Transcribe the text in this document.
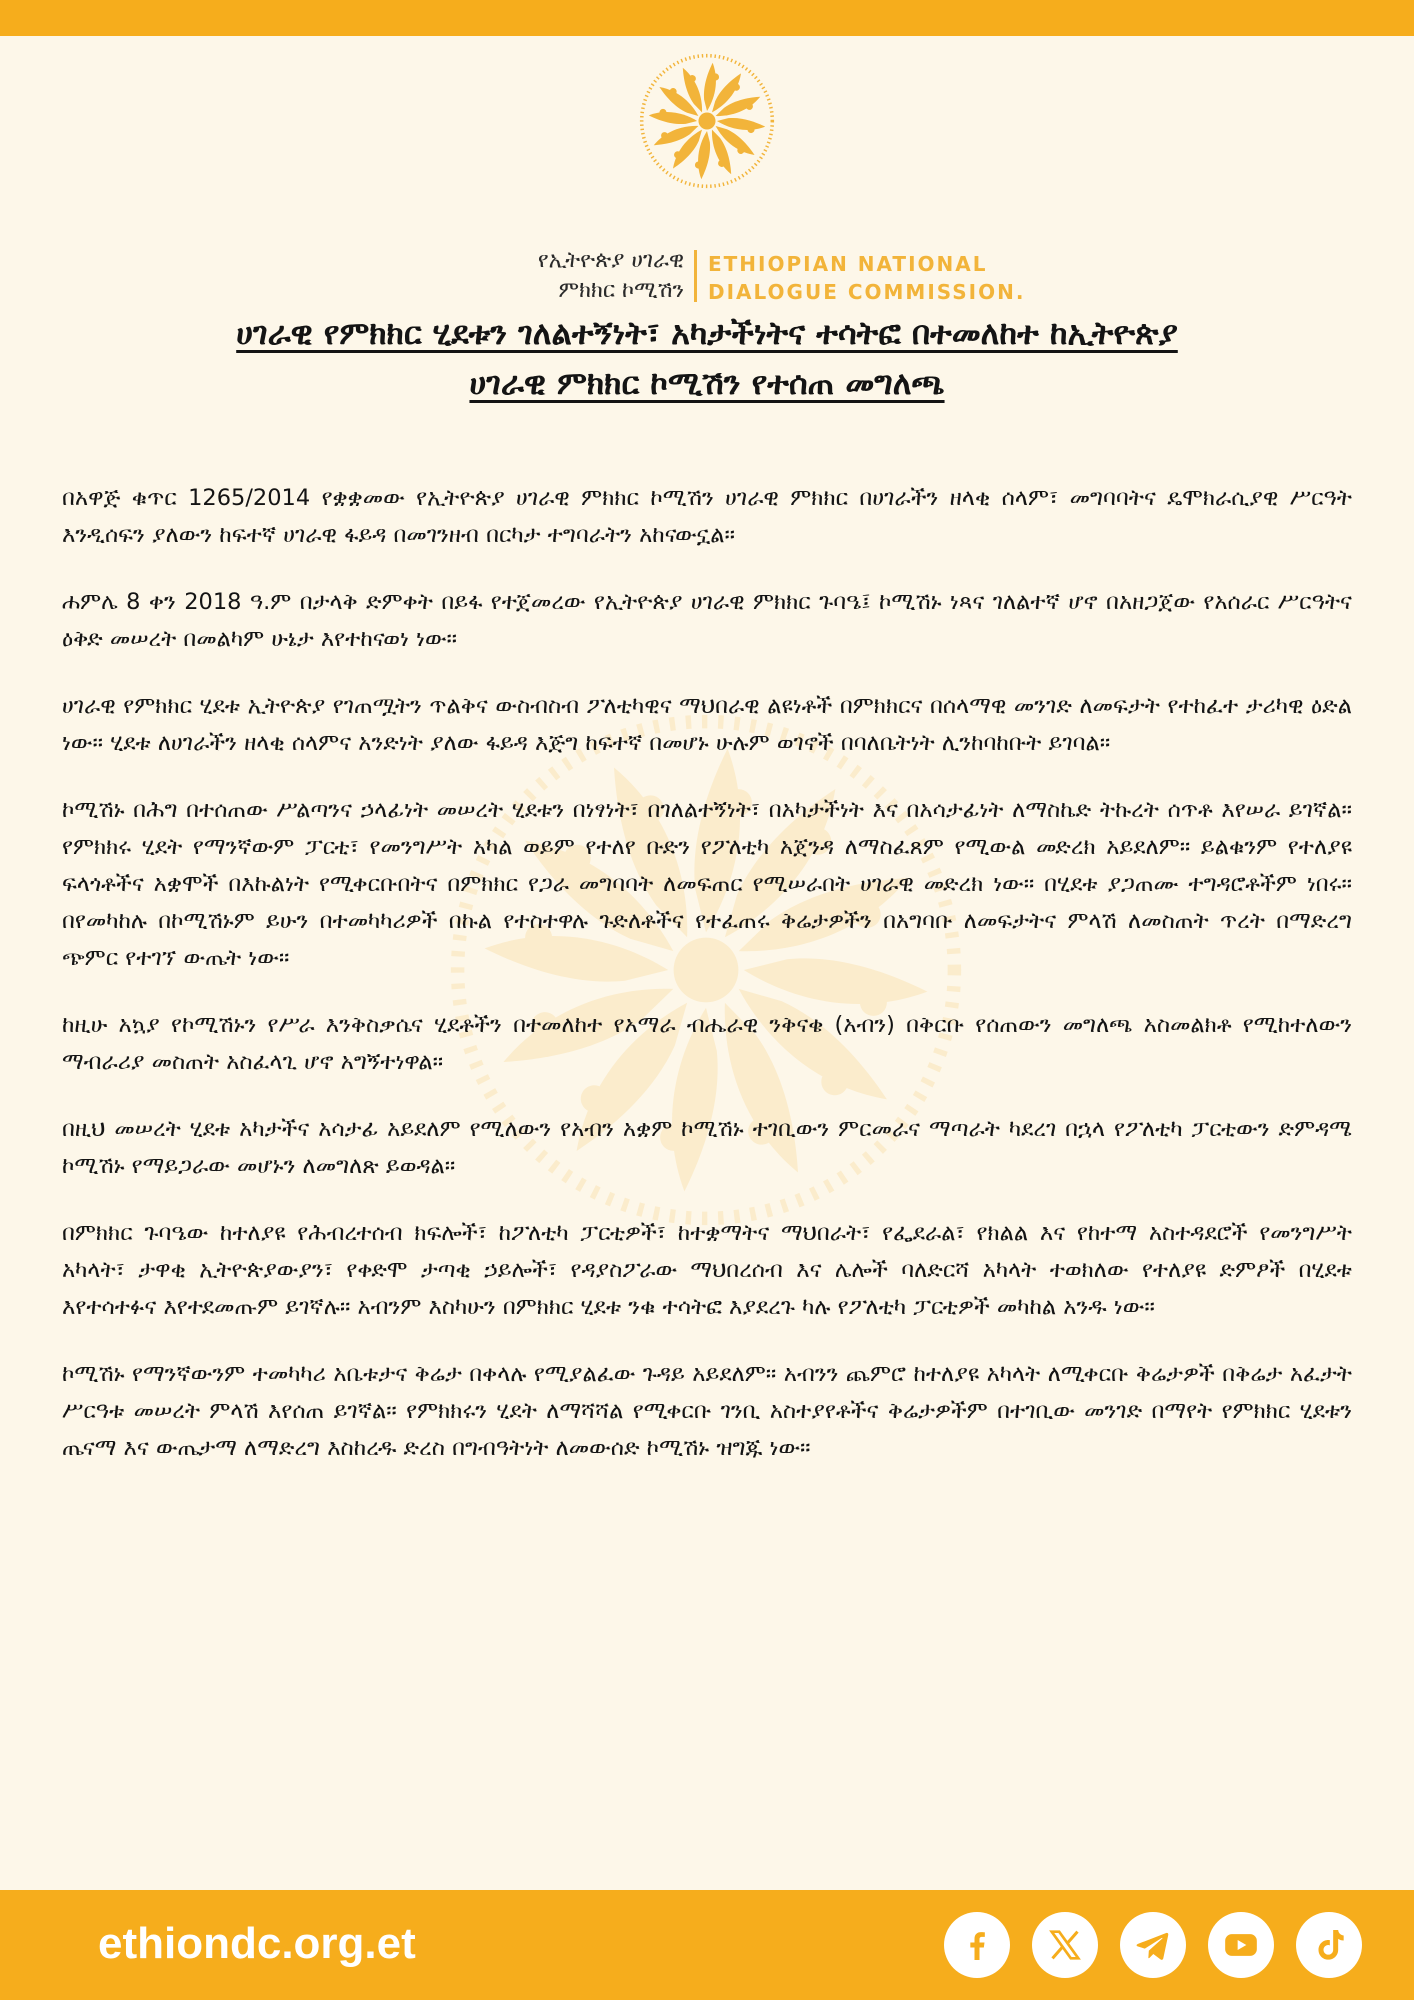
የኢትዮጵያ ሀገራዊ
ምክክር ኮሚሽን
ETHIOPIAN NATIONAL
DIALOGUE COMMISSION.
ሀገራዊ የምክክር ሂደቱን ገለልተኝነት፣ አካታችነትና ተሳትፎ በተመለከተ ከኢትዮጵያ
ሀገራዊ ምክክር ኮሚሽን የተሰጠ መግለጫ

በአዋጅ ቁጥር 1265/2014 የቋቋመው የኢትዮጵያ ሀገራዊ ምክክር ኮሚሽን ሀገራዊ ምክክር በሀገራችን ዘላቂ ሰላም፣ መግባባትና ዴሞክራሲያዊ ሥርዓት እንዲሰፍን ያለውን ከፍተኛ ሀገራዊ ፋይዳ በመገንዘብ በርካታ ተግባራትን አከናውኗል።

ሐምሌ 8 ቀን 2018 ዓ.ም በታላቅ ድምቀት በይፋ የተጀመረው የኢትዮጵያ ሀገራዊ ምክክር ጉባዔ፤ ኮሚሽኑ ነጻና ገለልተኛ ሆኖ በአዘጋጀው የአሰራር ሥርዓትና ዕቅድ መሠረት በመልካም ሁኔታ እየተከናወነ ነው።

ሀገራዊ የምክክር ሂደቱ ኢትዮጵያ የገጠሟትን ጥልቅና ውስብስብ ፖለቲካዊና ማህበራዊ ልዩነቶች በምክክርና በሰላማዊ መንገድ ለመፍታት የተከፈተ ታሪካዊ ዕድል ነው። ሂደቱ ለሀገራችን ዘላቂ ሰላምና አንድነት ያለው ፋይዳ እጅግ ከፍተኛ በመሆኑ ሁሉም ወገኖች በባለቤትነት ሊንከባከቡት ይገባል።

ኮሚሽኑ በሕግ በተሰጠው ሥልጣንና ኃላፊነት መሠረት ሂደቱን በነፃነት፣ በገለልተኝነት፣ በአካታችነት እና በአሳታፊነት ለማስኬድ ትኩረት ሰጥቶ እየሠራ ይገኛል። የምክክሩ ሂደት የማንኛውም ፓርቲ፣ የመንግሥት አካል ወይም የተለየ ቡድን የፖለቲካ አጀንዳ ለማስፈጸም የሚውል መድረክ አይደለም። ይልቁንም የተለያዩ ፍላጎቶችና አቋሞች በእኩልነት የሚቀርቡበትና በምክክር የጋራ መግባባት ለመፍጠር የሚሠራበት ሀገራዊ መድረክ ነው። በሂደቱ ያጋጠሙ ተግዳሮቶችም ነበሩ። በየመካከሉ በኮሚሽኑም ይሁን በተመካካሪዎች በኩል የተስተዋሉ ጉድለቶችና የተፈጠሩ ቅሬታዎችን በአግባቡ ለመፍታትና ምላሽ ለመስጠት ጥረት በማድረግ ጭምር የተገኘ ውጤት ነው።

ከዚሁ አኳያ የኮሚሽኑን የሥራ እንቅስቃሴና ሂደቶችን በተመለከተ የአማራ ብሔራዊ ንቅናቄ (አብን) በቅርቡ የሰጠውን መግለጫ አስመልክቶ የሚከተለውን ማብራሪያ መስጠት አስፈላጊ ሆኖ አግኝተነዋል።

በዚህ መሠረት ሂደቱ አካታችና አሳታፊ አይደለም የሚለውን የአብን አቋም ኮሚሽኑ ተገቢውን ምርመራና ማጣራት ካደረገ በኋላ የፖለቲካ ፓርቲውን ድምዳሜ ኮሚሽኑ የማይጋራው መሆኑን ለመግለጽ ይወዳል።

በምክክር ጉባዔው ከተለያዩ የሕብረተሰብ ክፍሎች፣ ከፖለቲካ ፓርቲዎች፣ ከተቋማትና ማህበራት፣ የፌደራል፣ የክልል እና የከተማ አስተዳደሮች የመንግሥት አካላት፣ ታዋቂ ኢትዮጵያውያን፣ የቀድሞ ታጣቂ ኃይሎች፣ የዳያስፖራው ማህበረሰብ እና ሌሎች ባለድርሻ አካላት ተወክለው የተለያዩ ድምፆች በሂደቱ እየተሳተፉና እየተደመጡም ይገኛሉ። አብንም እስካሁን በምክክር ሂደቱ ንቁ ተሳትፎ እያደረጉ ካሉ የፖለቲካ ፓርቲዎች መካከል አንዱ ነው።

ኮሚሽኑ የማንኛውንም ተመካካሪ አቤቱታና ቅሬታ በቀላሉ የሚያልፈው ጉዳይ አይደለም። አብንን ጨምሮ ከተለያዩ አካላት ለሚቀርቡ ቅሬታዎች በቅሬታ አፈታት ሥርዓቱ መሠረት ምላሽ እየሰጠ ይገኛል። የምክክሩን ሂደት ለማሻሻል የሚቀርቡ ገንቢ አስተያየቶችና ቅሬታዎችም በተገቢው መንገድ በማየት የምክክር ሂደቱን ጤናማ እና ውጤታማ ለማድረግ እስከረዱ ድረስ በግብዓትነት ለመውሰድ ኮሚሽኑ ዝግጁ ነው።

ethiondc.org.et
